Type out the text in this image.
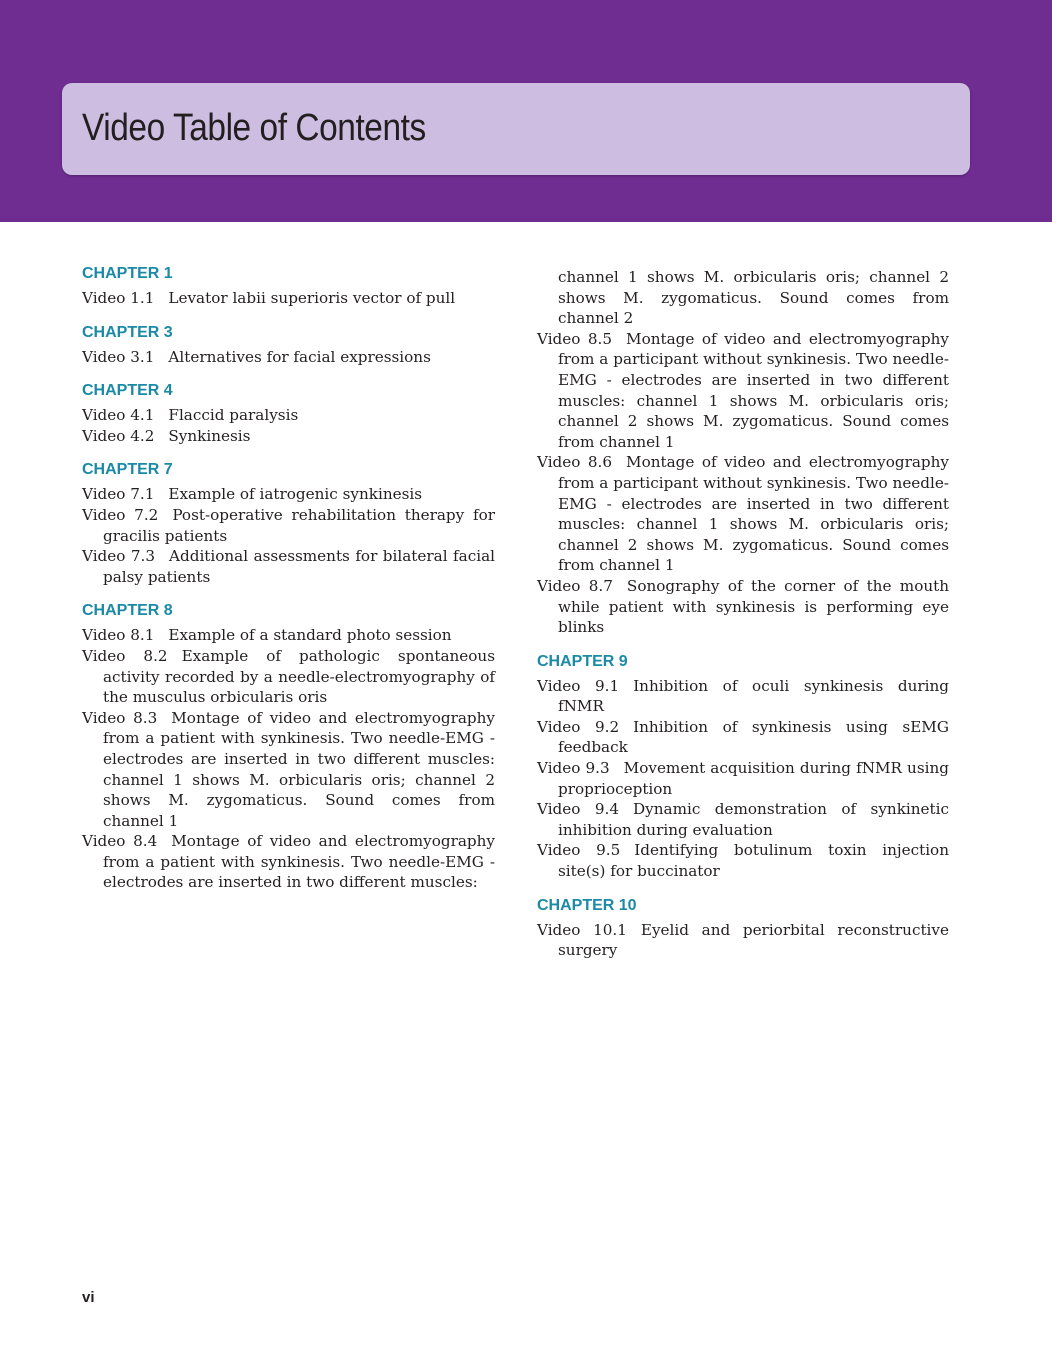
Video Table of Contents
CHAPTER 1
Video 1.1 Levator labii superioris vector of pull
CHAPTER 3
Video 3.1 Alternatives for facial expressions
CHAPTER 4
Video 4.1 Flaccid paralysis
Video 4.2 Synkinesis
CHAPTER 7
Video 7.1 Example of iatrogenic synkinesis
Video 7.2 Post-operative rehabilitation therapy for gracilis patients
Video 7.3 Additional assessments for bilateral facial palsy patients
CHAPTER 8
Video 8.1 Example of a standard photo session
Video 8.2 Example of pathologic spontaneous activity recorded by a needle-electromyography of the musculus orbicularis oris
Video 8.3 Montage of video and electromyography from a patient with synkinesis. Two needle-EMG - electrodes are inserted in two different muscles: channel 1 shows M. orbicularis oris; channel 2 shows M. zygomaticus. Sound comes from channel 1
Video 8.4 Montage of video and electromyography from a patient with synkinesis. Two needle-EMG - electrodes are inserted in two different muscles:
channel 1 shows M. orbicularis oris; channel 2 shows M. zygomaticus. Sound comes from channel 2
Video 8.5 Montage of video and electromyography from a participant without synkinesis. Two needle-EMG - electrodes are inserted in two different muscles: channel 1 shows M. orbicularis oris; channel 2 shows M. zygomaticus. Sound comes from channel 1
Video 8.6 Montage of video and electromyography from a participant without synkinesis. Two needle-EMG - electrodes are inserted in two different muscles: channel 1 shows M. orbicularis oris; channel 2 shows M. zygomaticus. Sound comes from channel 1
Video 8.7 Sonography of the corner of the mouth while patient with synkinesis is performing eye blinks
CHAPTER 9
Video 9.1 Inhibition of oculi synkinesis during fNMR
Video 9.2 Inhibition of synkinesis using sEMG feedback
Video 9.3 Movement acquisition during fNMR using proprioception
Video 9.4 Dynamic demonstration of synkinetic inhibition during evaluation
Video 9.5 Identifying botulinum toxin injection site(s) for buccinator
CHAPTER 10
Video 10.1 Eyelid and periorbital reconstructive surgery
vi
